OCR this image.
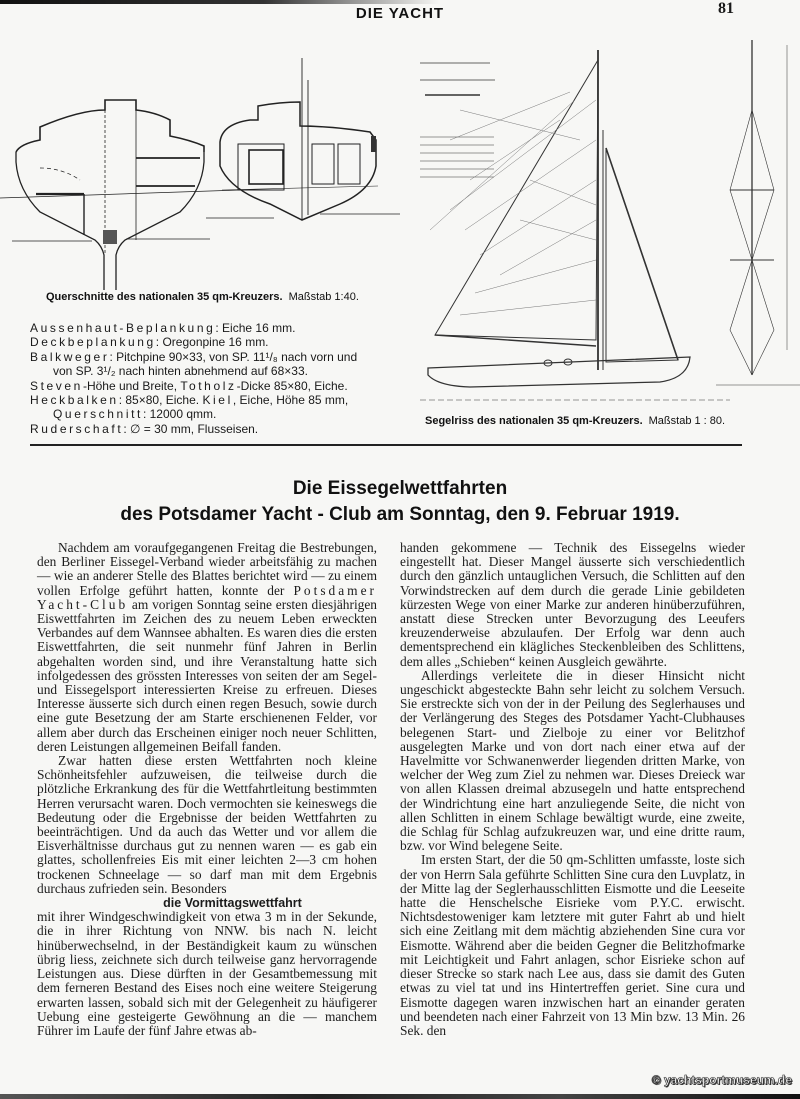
DIE YACHT	81
Querschnitte des nationalen 35 qm-Kreuzers. Maßstab 1:40.
Segelriss des nationalen 35 qm-Kreuzers. Maßstab 1 : 80.
Aussenhaut-Beplankung: Eiche 16 mm.
Deckbeplankung: Oregonpine 16 mm.
Balkweger: Pitchpine 90×33, von SP. 11¹/₈ nach vorn und
von SP. 3¹/₂ nach hinten abnehmend auf 68×33.
Steven-Höhe und Breite, Totholz-Dicke 85×80, Eiche.
Heckbalken: 85×80, Eiche. Kiel, Eiche, Höhe 85 mm,
Querschnitt: 12000 qmm.
Ruderschaft: ∅ = 30 mm, Flusseisen.
Die Eissegelwettfahrten
des Potsdamer Yacht - Club am Sonntag, den 9. Februar 1919.

Nachdem am voraufgegangenen Freitag die Bestrebungen, den Berliner Eissegel-Verband wieder arbeitsfähig zu machen — wie an anderer Stelle des Blattes berichtet wird — zu einem vollen Erfolge geführt hatten, konnte der Potsdamer Yacht-Club am vorigen Sonntag seine ersten diesjährigen Eiswettfahrten im Zeichen des zu neuem Leben erweckten Verbandes auf dem Wannsee abhalten. Es waren dies die ersten Eiswettfahrten, die seit nunmehr fünf Jahren in Berlin abgehalten worden sind, und ihre Veranstaltung hatte sich infolgedessen des grössten Interesses von seiten der am Segel- und Eissegelsport interessierten Kreise zu erfreuen. Dieses Interesse äusserte sich durch einen regen Besuch, sowie durch eine gute Besetzung der am Starte erschienenen Felder, vor allem aber durch das Erscheinen einiger noch neuer Schlitten, deren Leistungen allgemeinen Beifall fanden.

Zwar hatten diese ersten Wettfahrten noch kleine Schönheitsfehler aufzuweisen, die teilweise durch die plötzliche Erkrankung des für die Wettfahrtleitung bestimmten Herren verursacht waren. Doch vermochten sie keineswegs die Bedeutung oder die Ergebnisse der beiden Wettfahrten zu beeinträchtigen. Und da auch das Wetter und vor allem die Eisverhältnisse durchaus gut zu nennen waren — es gab ein glattes, schollenfreies Eis mit einer leichten 2—3 cm hohen trockenen Schneelage — so darf man mit dem Ergebnis durchaus zufrieden sein. Besonders

die Vormittagswettfahrt

mit ihrer Windgeschwindigkeit von etwa 3 m in der Sekunde, die in ihrer Richtung von NNW. bis nach N. leicht hinüberwechselnd, in der Beständigkeit kaum zu wünschen übrig liess, zeichnete sich durch teilweise ganz hervorragende Leistungen aus. Diese dürften in der Gesamtbemessung mit dem ferneren Bestand des Eises noch eine weitere Steigerung erwarten lassen, sobald sich mit der Gelegenheit zu häufigerer Uebung eine gesteigerte Gewöhnung an die — manchem Führer im Laufe der fünf Jahre etwas ab-

handen gekommene — Technik des Eissegelns wieder eingestellt hat. Dieser Mangel äusserte sich verschiedentlich durch den gänzlich untauglichen Versuch, die Schlitten auf den Vorwindstrecken auf dem durch die gerade Linie gebildeten kürzesten Wege von einer Marke zur anderen hinüberzuführen, anstatt diese Strecken unter Bevorzugung des Leeufers kreuzenderweise abzulaufen. Der Erfolg war denn auch dementsprechend ein klägliches Steckenbleiben des Schlittens, dem alles „Schieben“ keinen Ausgleich gewährte.

Allerdings verleitete die in dieser Hinsicht nicht ungeschickt abgesteckte Bahn sehr leicht zu solchem Versuch. Sie erstreckte sich von der in der Peilung des Seglerhauses und der Verlängerung des Steges des Potsdamer Yacht-Clubhauses belegenen Start- und Zielboje zu einer vor Belitzhof ausgelegten Marke und von dort nach einer etwa auf der Havelmitte vor Schwanenwerder liegenden dritten Marke, von welcher der Weg zum Ziel zu nehmen war. Dieses Dreieck war von allen Klassen dreimal abzusegeln und hatte entsprechend der Windrichtung eine hart anzuliegende Seite, die nicht von allen Schlitten in einem Schlage bewältigt wurde, eine zweite, die Schlag für Schlag aufzukreuzen war, und eine dritte raum, bzw. vor Wind belegene Seite.

Im ersten Start, der die 50 qm-Schlitten umfasste, loste sich der von Herrn Sala geführte Schlitten Sine cura den Luvplatz, in der Mitte lag der Seglerhausschlitten Eismotte und die Leeseite hatte die Henschelsche Eisrieke vom P.Y.C. erwischt. Nichtsdestoweniger kam letztere mit guter Fahrt ab und hielt sich eine Zeitlang mit dem mächtig abziehenden Sine cura vor Eismotte. Während aber die beiden Gegner die Belitzhofmarke mit Leichtigkeit und Fahrt anlagen, schor Eisrieke schon auf dieser Strecke so stark nach Lee aus, dass sie damit des Guten etwas zu viel tat und ins Hintertreffen geriet. Sine cura und Eismotte dagegen waren inzwischen hart an einander geraten und beendeten nach einer Fahrzeit von 13 Min bzw. 13 Min. 26 Sek. den

© yachtsportmuseum.de
